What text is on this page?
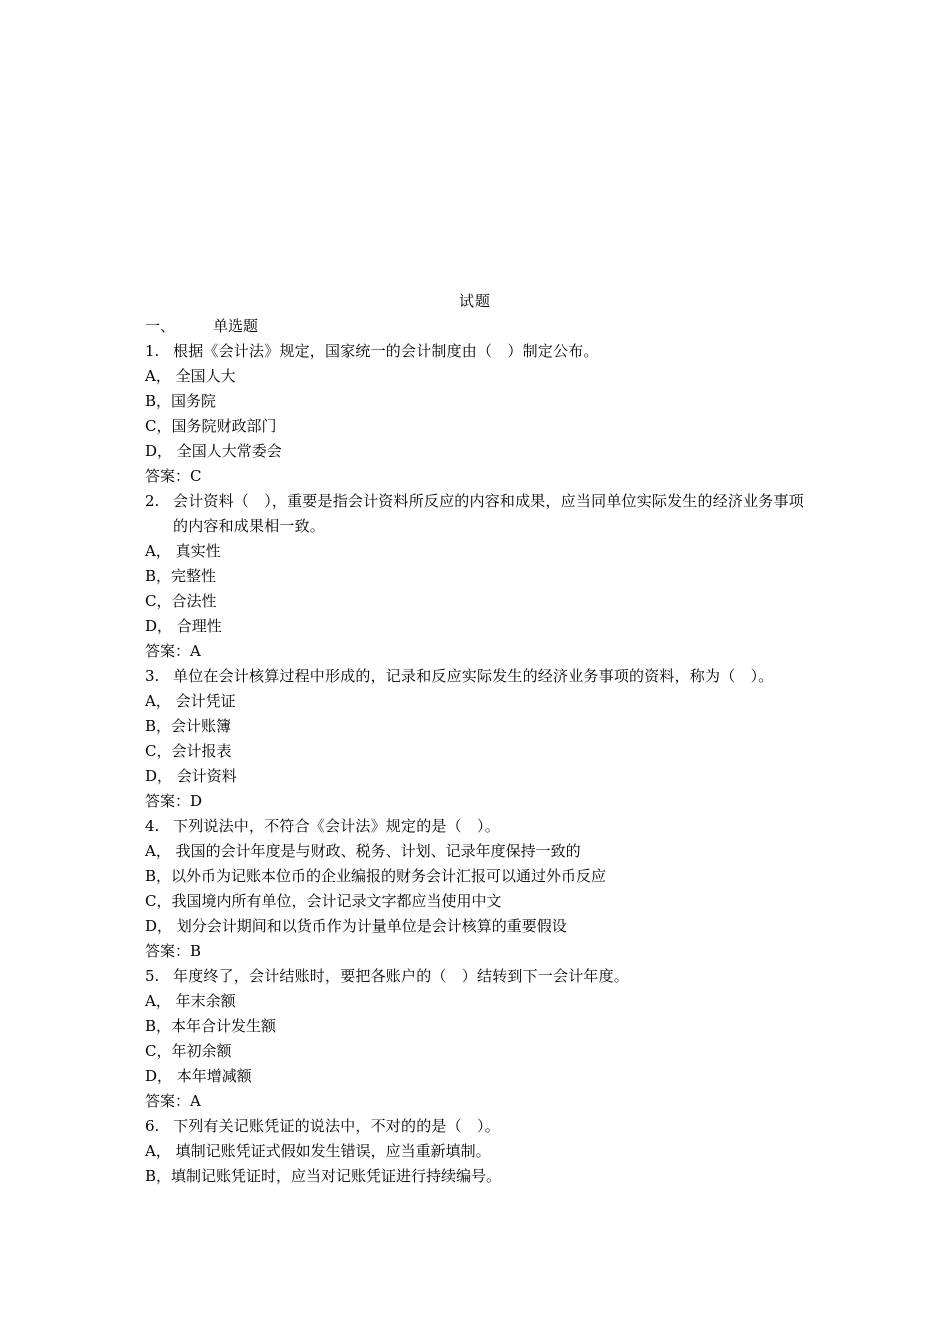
试题
一、	单选题
1. 根据《会计法》规定，国家统一的会计制度由（　）制定公布。
A， 全国人大
B，国务院
C，国务院财政部门
D， 全国人大常委会
答案：C
2. 会计资料（　），重要是指会计资料所反应的内容和成果，应当同单位实际发生的经济业务事项的内容和成果相一致。
A， 真实性
B，完整性
C，合法性
D， 合理性
答案：A
3. 单位在会计核算过程中形成的，记录和反应实际发生的经济业务事项的资料，称为（　）。
A， 会计凭证
B，会计账簿
C，会计报表
D， 会计资料
答案：D
4. 下列说法中，不符合《会计法》规定的是（　）。
A， 我国的会计年度是与财政、税务、计划、记录年度保持一致的
B，以外币为记账本位币的企业编报的财务会计汇报可以通过外币反应
C，我国境内所有单位，会计记录文字都应当使用中文
D， 划分会计期间和以货币作为计量单位是会计核算的重要假设
答案：B
5. 年度终了，会计结账时，要把各账户的（　）结转到下一会计年度。
A， 年末余额
B，本年合计发生额
C，年初余额
D， 本年增减额
答案：A
6. 下列有关记账凭证的说法中，不对的的是（　）。
A， 填制记账凭证式假如发生错误，应当重新填制。
B，填制记账凭证时，应当对记账凭证进行持续编号。
